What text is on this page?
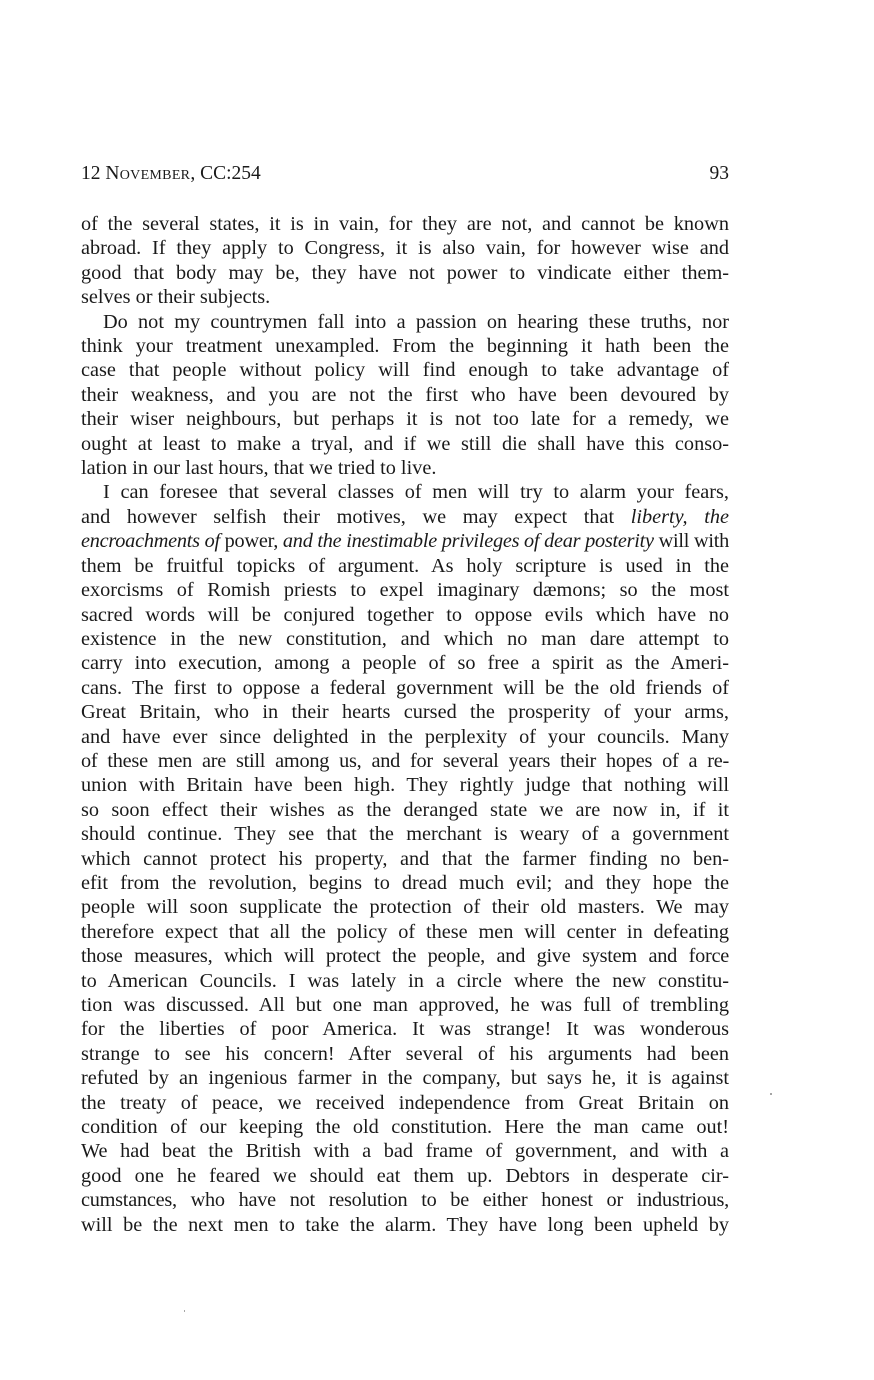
12 November, CC:254	93
of the several states, it is in vain, for they are not, and cannot be known
abroad. If they apply to Congress, it is also vain, for however wise and
good that body may be, they have not power to vindicate either them-
selves or their subjects.
Do not my countrymen fall into a passion on hearing these truths, nor
think your treatment unexampled. From the beginning it hath been the
case that people without policy will find enough to take advantage of
their weakness, and you are not the first who have been devoured by
their wiser neighbours, but perhaps it is not too late for a remedy, we
ought at least to make a tryal, and if we still die shall have this conso-
lation in our last hours, that we tried to live.
I can foresee that several classes of men will try to alarm your fears,
and however selfish their motives, we may expect that liberty, the
encroachments of power, and the inestimable privileges of dear posterity will with
them be fruitful topicks of argument. As holy scripture is used in the
exorcisms of Romish priests to expel imaginary dæmons; so the most
sacred words will be conjured together to oppose evils which have no
existence in the new constitution, and which no man dare attempt to
carry into execution, among a people of so free a spirit as the Ameri-
cans. The first to oppose a federal government will be the old friends of
Great Britain, who in their hearts cursed the prosperity of your arms,
and have ever since delighted in the perplexity of your councils. Many
of these men are still among us, and for several years their hopes of a re-
union with Britain have been high. They rightly judge that nothing will
so soon effect their wishes as the deranged state we are now in, if it
should continue. They see that the merchant is weary of a government
which cannot protect his property, and that the farmer finding no ben-
efit from the revolution, begins to dread much evil; and they hope the
people will soon supplicate the protection of their old masters. We may
therefore expect that all the policy of these men will center in defeating
those measures, which will protect the people, and give system and force
to American Councils. I was lately in a circle where the new constitu-
tion was discussed. All but one man approved, he was full of trembling
for the liberties of poor America. It was strange! It was wonderous
strange to see his concern! After several of his arguments had been
refuted by an ingenious farmer in the company, but says he, it is against
the treaty of peace, we received independence from Great Britain on
condition of our keeping the old constitution. Here the man came out!
We had beat the British with a bad frame of government, and with a
good one he feared we should eat them up. Debtors in desperate cir-
cumstances, who have not resolution to be either honest or industrious,
will be the next men to take the alarm. They have long been upheld by
